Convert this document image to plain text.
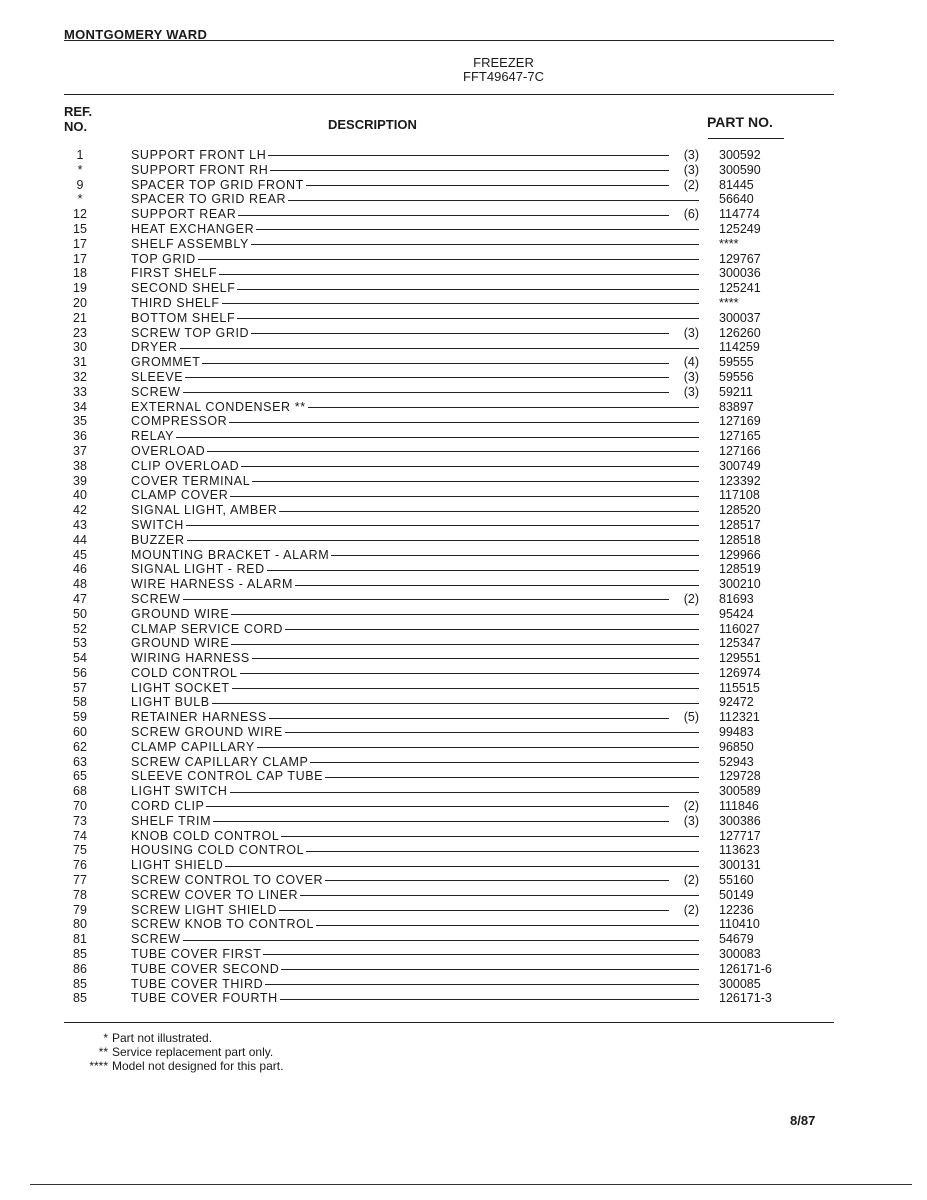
MONTGOMERY WARD
FREEZER
FFT49647-7C
REF.
NO.	DESCRIPTION	PART NO.
1	SUPPORT FRONT LH	(3) 300592
*	SUPPORT FRONT RH	(3) 300590
9	SPACER TOP GRID FRONT	(2) 81445
*	SPACER TO GRID REAR	56640
12	SUPPORT REAR	(6) 114774
15	HEAT EXCHANGER	125249
17	SHELF ASSEMBLY	****
17	TOP GRID	129767
18	FIRST SHELF	300036
19	SECOND SHELF	125241
20	THIRD SHELF	****
21	BOTTOM SHELF	300037
23	SCREW TOP GRID	(3) 126260
30	DRYER	114259
31	GROMMET	(4) 59555
32	SLEEVE	(3) 59556
33	SCREW	(3) 59211
34	EXTERNAL CONDENSER **	83897
35	COMPRESSOR	127169
36	RELAY	127165
37	OVERLOAD	127166
38	CLIP OVERLOAD	300749
39	COVER TERMINAL	123392
40	CLAMP COVER	117108
42	SIGNAL LIGHT, AMBER	128520
43	SWITCH	128517
44	BUZZER	128518
45	MOUNTING BRACKET - ALARM	129966
46	SIGNAL LIGHT - RED	128519
48	WIRE HARNESS - ALARM	300210
47	SCREW	(2) 81693
50	GROUND WIRE	95424
52	CLMAP SERVICE CORD	116027
53	GROUND WIRE	125347
54	WIRING HARNESS	129551
56	COLD CONTROL	126974
57	LIGHT SOCKET	115515
58	LIGHT BULB	92472
59	RETAINER HARNESS	(5) 112321
60	SCREW GROUND WIRE	99483
62	CLAMP CAPILLARY	96850
63	SCREW CAPILLARY CLAMP	52943
65	SLEEVE CONTROL CAP TUBE	129728
68	LIGHT SWITCH	300589
70	CORD CLIP	(2) 111846
73	SHELF TRIM	(3) 300386
74	KNOB COLD CONTROL	127717
75	HOUSING COLD CONTROL	113623
76	LIGHT SHIELD	300131
77	SCREW CONTROL TO COVER	(2) 55160
78	SCREW COVER TO LINER	50149
79	SCREW LIGHT SHIELD	(2) 12236
80	SCREW KNOB TO CONTROL	110410
81	SCREW	54679
85	TUBE COVER FIRST	300083
86	TUBE COVER SECOND	126171-6
85	TUBE COVER THIRD	300085
85	TUBE COVER FOURTH	126171-3
* Part not illustrated.
** Service replacement part only.
**** Model not designed for this part.
8/87
